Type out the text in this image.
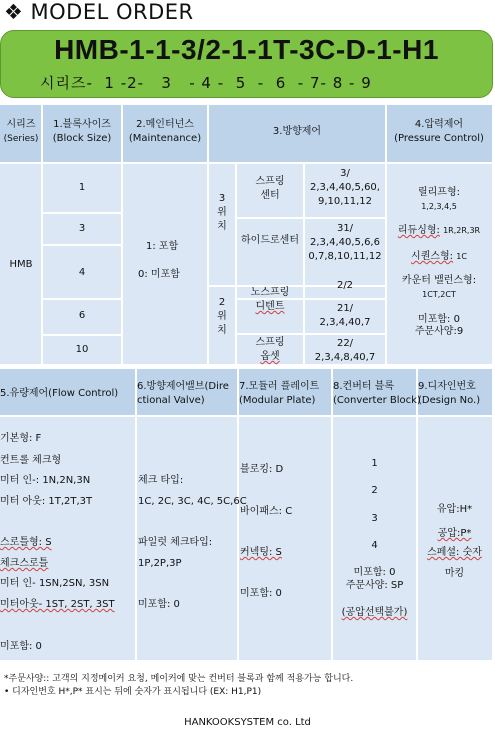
❖ MODEL ORDER
HMB-1-1-3/2-1-1T-3C-D-1-H1
시리즈-  1 -2-   3   - 4 -  5  -  6  - 7- 8 - 9
시리즈
(Series)
1.블록사이즈
(Block Size)
2.메인터넌스
(Maintenance)
3.방향제어
4.압력제어
(Pressure Control)
HMB
1
3
4
6
10
1: 포함
0: 미포함
3
위
치
2
위
치
스프링
센터
3/
2,3,4,40,5,60,
9,10,11,12
하이드로센터
31/
2,3,4,40,5,6,6
0,7,8,10,11,12
노스프링
디텐트
2/2
21/
2,3,4,40,7
스프링
옵셋
22/
2,3,4,8,40,7
릴리프형:
1,2,3,4,5
리듀싱형: 1R,2R,3R
시퀀스형: 1C
카운터 밸런스형:
1CT,2CT
미포함: 0
주문사양:9
5.유량제어(Flow Control)
6.방향제어밸브(Dire
ctional Valve)
7.모듈러 플레이트
(Modular Plate)
8.컨버터 블록
(Converter Block)
9.디자인번호
(Design No.)
기본형: F
컨트롤 체크형
미터 인-: 1N,2N,3N
미터 아웃: 1T,2T,3T
스로틀형: S
체크스로틀
미터 인- 1SN,2SN, 3SN
미터아웃- 1ST, 2ST, 3ST
미포함: 0
체크 타입:
1C, 2C, 3C, 4C, 5C,6C
파일럿 체크타입:
1P,2P,3P
미포함: 0
블로킹: D
바이패스: C
커넥팅: S
미포함: 0
1
2
3
4
미포함: 0
주문사양: SP
(공압선택불가)
유압:H*
공압:P*
스페셜: 숫자
마킹
*주문사양:: 고객의 지정메이커 요청, 메이커에 맞는 컨버터 블록과 함께 적용가능 합니다.
• 디자인번호 H*,P* 표시는 뒤에 숫자가 표시됩니다 (EX: H1,P1)
HANKOOKSYSTEM co. Ltd
